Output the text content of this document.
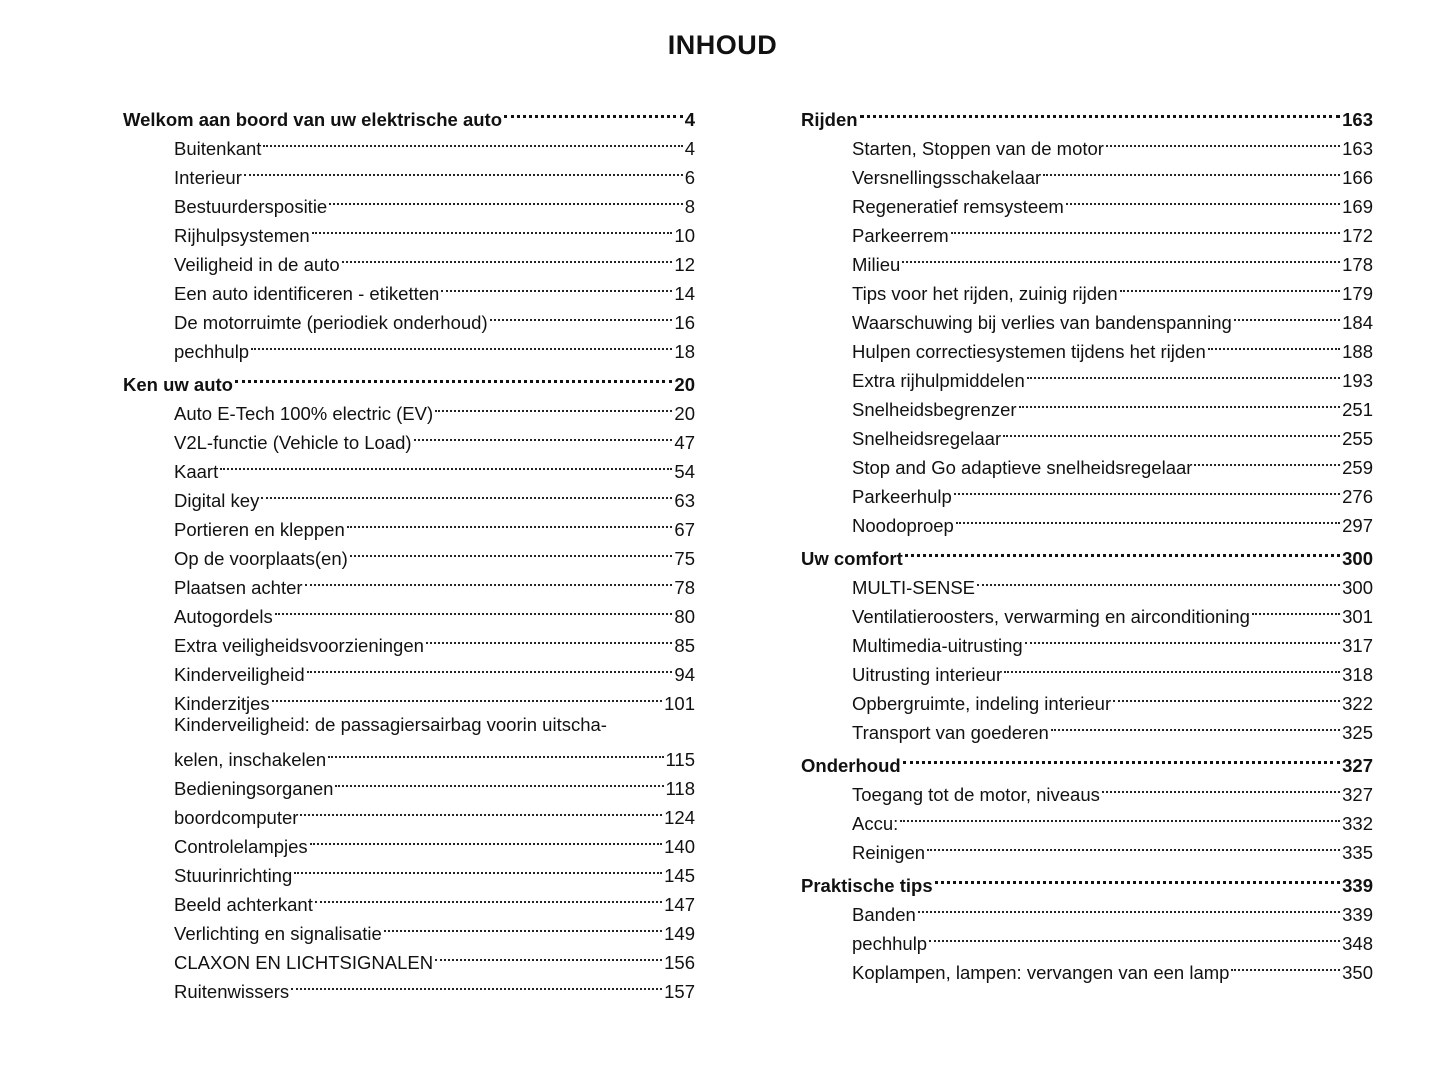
INHOUD
Welkom aan boord van uw elektrische auto	4
Buitenkant	4
Interieur	6
Bestuurderspositie	8
Rijhulpsystemen	10
Veiligheid in de auto	12
Een auto identificeren - etiketten	14
De motorruimte (periodiek onderhoud)	16
pechhulp	18
Ken uw auto	20
Auto E-Tech 100% electric (EV)	20
V2L-functie (Vehicle to Load)	47
Kaart	54
Digital key	63
Portieren en kleppen	67
Op de voorplaats(en)	75
Plaatsen achter	78
Autogordels	80
Extra veiligheidsvoorzieningen	85
Kinderveiligheid	94
Kinderzitjes	101
Kinderveiligheid: de passagiersairbag voorin uitscha-
kelen, inschakelen	115
Bedieningsorganen	118
boordcomputer	124
Controlelampjes	140
Stuurinrichting	145
Beeld achterkant	147
Verlichting en signalisatie	149
CLAXON EN LICHTSIGNALEN	156
Ruitenwissers	157
Rijden	163
Starten, Stoppen van de motor	163
Versnellingsschakelaar	166
Regeneratief remsysteem	169
Parkeerrem	172
Milieu	178
Tips voor het rijden, zuinig rijden	179
Waarschuwing bij verlies van bandenspanning	184
Hulpen correctiesystemen tijdens het rijden	188
Extra rijhulpmiddelen	193
Snelheidsbegrenzer	251
Snelheidsregelaar	255
Stop and Go adaptieve snelheidsregelaar	259
Parkeerhulp	276
Noodoproep	297
Uw comfort	300
MULTI-SENSE	300
Ventilatieroosters, verwarming en airconditioning	301
Multimedia-uitrusting	317
Uitrusting interieur	318
Opbergruimte, indeling interieur	322
Transport van goederen	325
Onderhoud	327
Toegang tot de motor, niveaus	327
Accu:	332
Reinigen	335
Praktische tips	339
Banden	339
pechhulp	348
Koplampen, lampen: vervangen van een lamp	350
